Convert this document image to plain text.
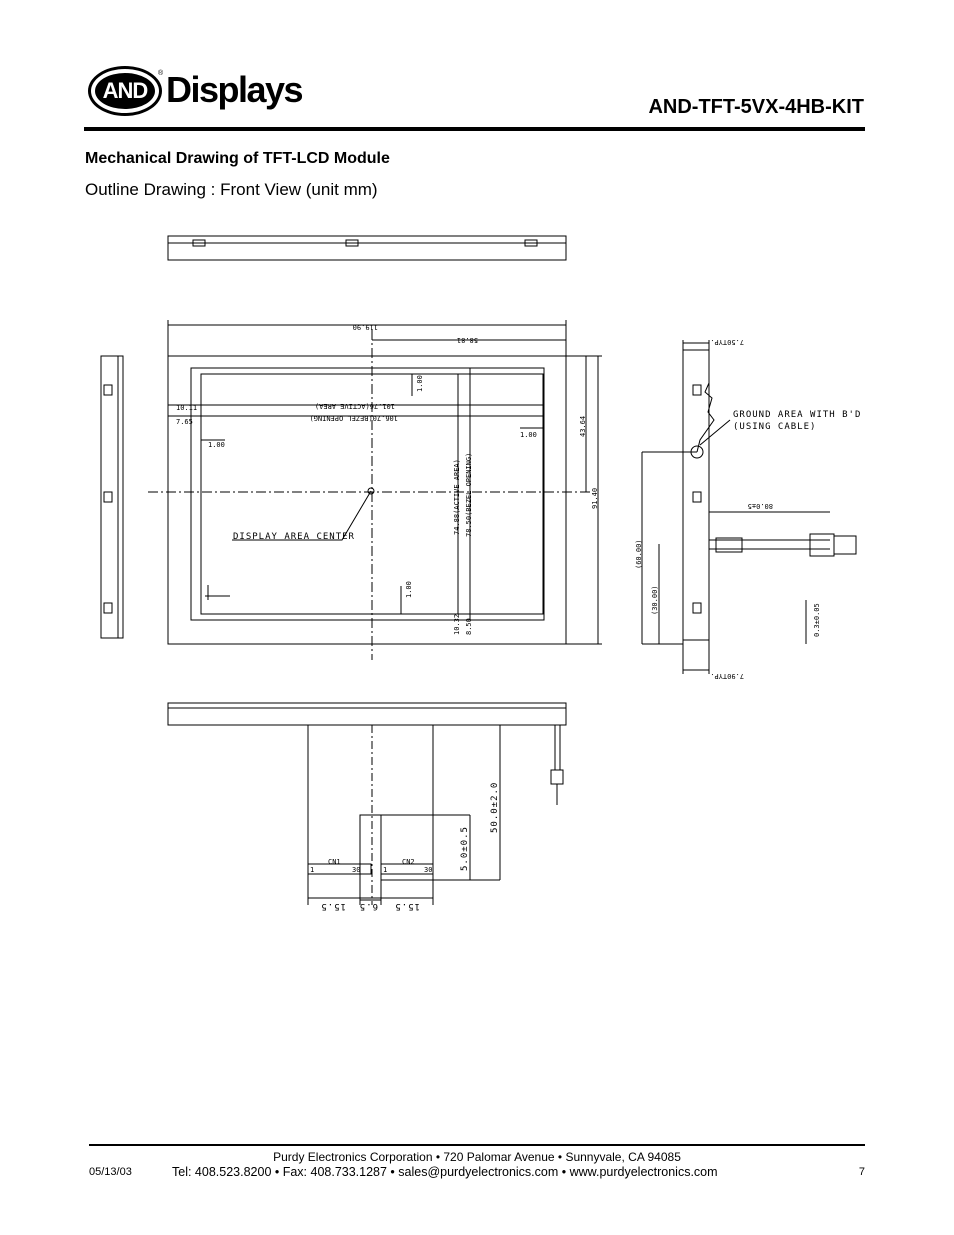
AND
® Displays	AND-TFT-5VX-4HB-KIT
Mechanical Drawing of TFT-LCD Module
Outline Drawing : Front View (unit mm)
119.90
58.81
101.76(ACTIVE AREA)
106.70(BEZEL OPENING)
10.11
7.65
1.00
1.00
1.00
1.00
43.64
91.40
74.88(ACTIVE AREA) 78.50(BEZEL OPENING)
10.32 8.50
DISPLAY AREA CENTER
GROUND AREA WITH B'D
(USING CABLE)
7.50TYP.
7.90TYP.
80.0±5
(60.00)
(30.00)
0.3±0.05
50.0±2.0
5.0±0.5
CN1	CN2
1	30	1	30
15.5 6.5 15.5
Purdy Electronics Corporation • 720 Palomar Avenue • Sunnyvale, CA 94085
05/13/03	Tel: 408.523.8200 • Fax: 408.733.1287 • sales@purdyelectronics.com • www.purdyelectronics.com	7
